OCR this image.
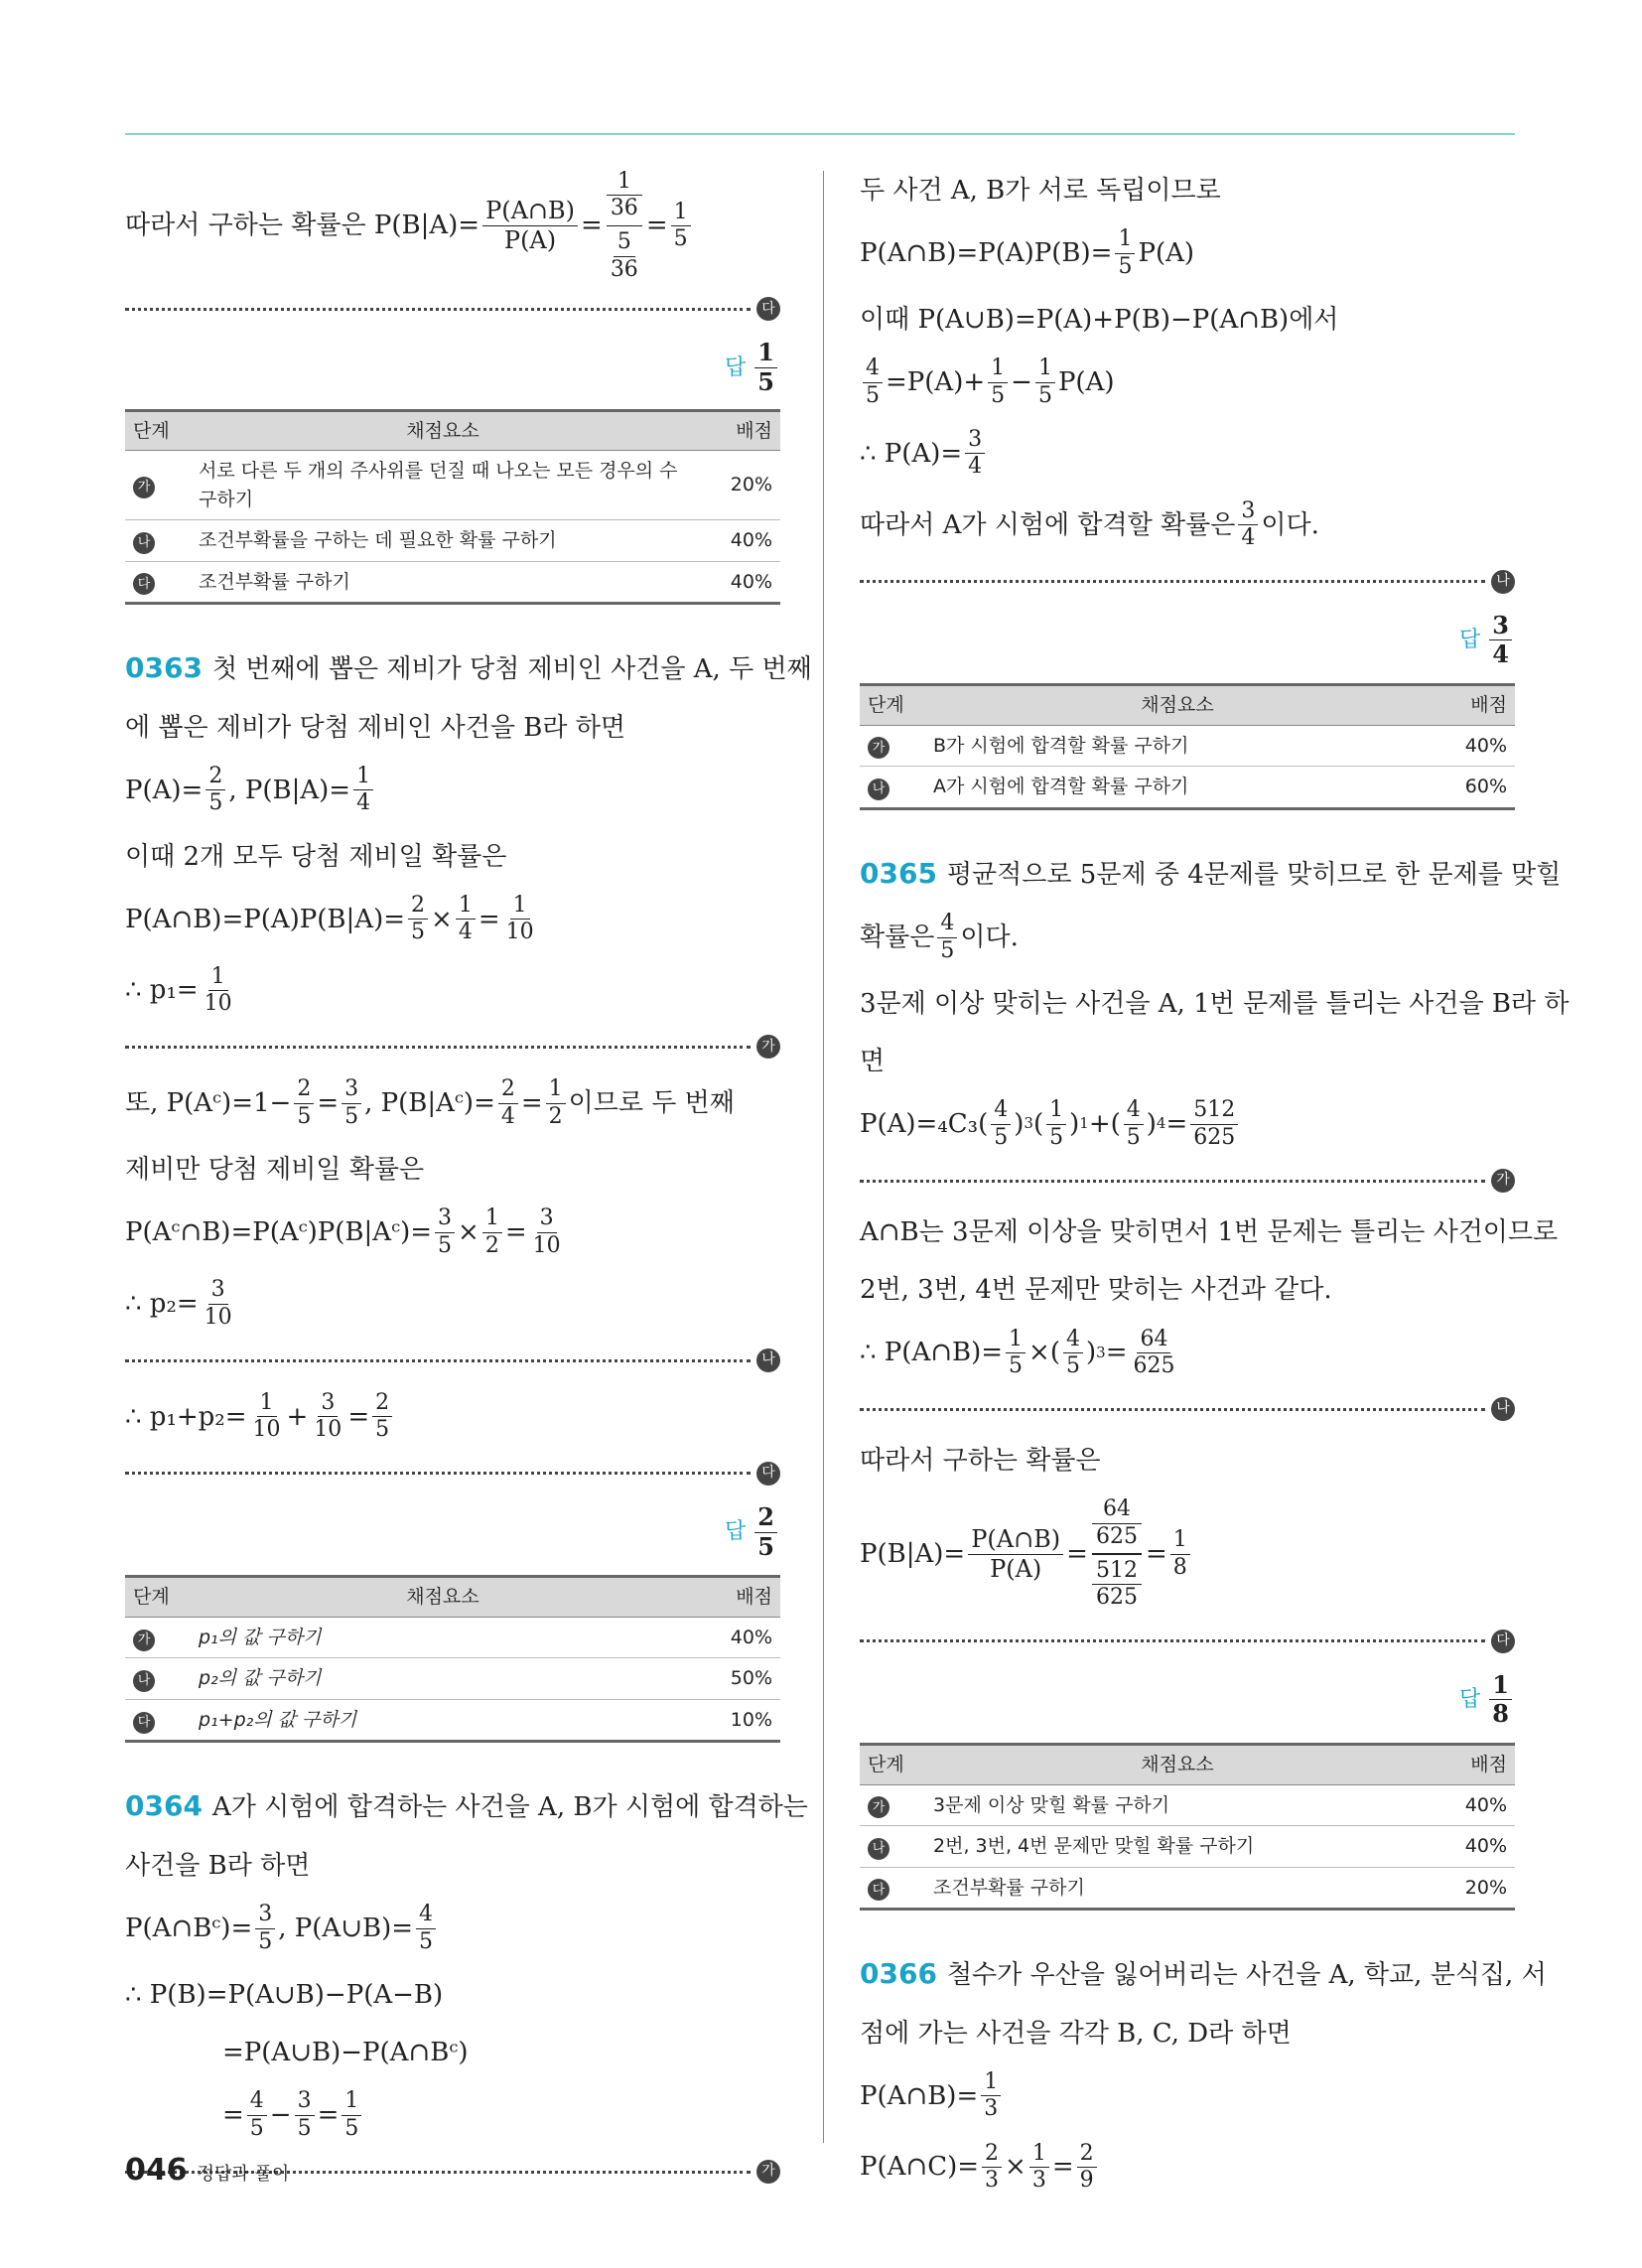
따라서 구하는 확률은 $P(B|A)= \frac{P(A\cap B)}{P(A)}$ =
1
36
5
36
= $\frac{1}{5}$
다
답 $\frac{1}{5}$
단계	채점요소	배점
가	서로 다른 두 개의 주사위를 던질 때 나오는 모든 경우의 수 구하기	20%
나	조건부확률을 구하는 데 필요한 확률 구하기	40%
다	조건부확률 구하기	40%
0363 첫 번째에 뽑은 제비가 당첨 제비인 사건을 A, 두 번째
에 뽑은 제비가 당첨 제비인 사건을 B라 하면
$P(A)= \frac{2}{5}$ , $P(B|A)= \frac{1}{4}$
이때 2개 모두 당첨 제비일 확률은
P(A∩B)=P(A)P(B|A)= $\frac{2}{5} \times \frac{1}{4} = \frac{1}{10}$
∴ $p_1= \frac{1}{10}$
가
또, P(Aᶜ)=1− $\frac{2}{5} = \frac{3}{5}$ , P(B|Aᶜ)= $\frac{2}{4} = \frac{1}{2}$ 이므로 두 번째
제비만 당첨 제비일 확률은
P(Aᶜ∩B)=P(Aᶜ)P(B|Aᶜ)= $\frac{3}{5} \times \frac{1}{2} = \frac{3}{10}$
∴ $p_2= \frac{3}{10}$
나
∴ $p_1+p_2= \frac{1}{10} + \frac{3}{10} = \frac{2}{5}$
다
답 $\frac{2}{5}$
단계	채점요소	배점
가	p₁의 값 구하기	40%
나	p₂의 값 구하기	50%
다	p₁+p₂의 값 구하기	10%
0364 A가 시험에 합격하는 사건을 A, B가 시험에 합격하는
사건을 B라 하면
P(A∩Bᶜ)= $\frac{3}{5}$ , P(A∪B)= $\frac{4}{5}$
∴ P(B)=P(A∪B)−P(A−B)
=P(A∪B)−P(A∩Bᶜ)
= $\frac{4}{5} - \frac{3}{5} = \frac{1}{5}$
가
두 사건 A, B가 서로 독립이므로
P(A∩B)=P(A)P(B)= $\frac{1}{5} P(A)$
이때 P(A∪B)=P(A)+P(B)−P(A∩B)에서
$\frac{4}{5} =P(A)+ \frac{1}{5} - \frac{1}{5} P(A)$
∴ $P(A)= \frac{3}{4}$
따라서 A가 시험에 합격할 확률은 $\frac{3}{4}$ 이다.
나
답 $\frac{3}{4}$
단계	채점요소	배점
가	B가 시험에 합격할 확률 구하기	40%
나	A가 시험에 합격할 확률 구하기	60%
0365 평균적으로 5문제 중 4문제를 맞히므로 한 문제를 맞힐
확률은 $\frac{4}{5}$ 이다.
3문제 이상 맞히는 사건을 A, 1번 문제를 틀리는 사건을 B라 하
면
P(A)=₄C₃ ( $\frac{4}{5}$ ) 3 ( $\frac{1}{5}$ ) 1 +( $\frac{4}{5}$ ) $4 = \frac{512}{625}$
가
A∩B는 3문제 이상을 맞히면서 1번 문제는 틀리는 사건이므로
2번, 3번, 4번 문제만 맞히는 사건과 같다.
∴ P(A∩B)= $\frac{1}{5}$ ×( $\frac{4}{5}$ ) $3 = \frac{64}{625}$
나
따라서 구하는 확률은
$P(B|A)= \frac{P(A\cap B)}{P(A)}$ =
64
625
512
625
= $\frac{1}{8}$
다
답 $\frac{1}{8}$
단계	채점요소	배점
가	3문제 이상 맞힐 확률 구하기	40%
나	2번, 3번, 4번 문제만 맞힐 확률 구하기	40%
다	조건부확률 구하기	20%
0366 철수가 우산을 잃어버리는 사건을 A, 학교, 분식집, 서
점에 가는 사건을 각각 B, C, D라 하면
P(A∩B)= $\frac{1}{3}$
P(A∩C)= $\frac{2}{3} \times \frac{1}{3} = \frac{2}{9}$
046 정답과 풀이
